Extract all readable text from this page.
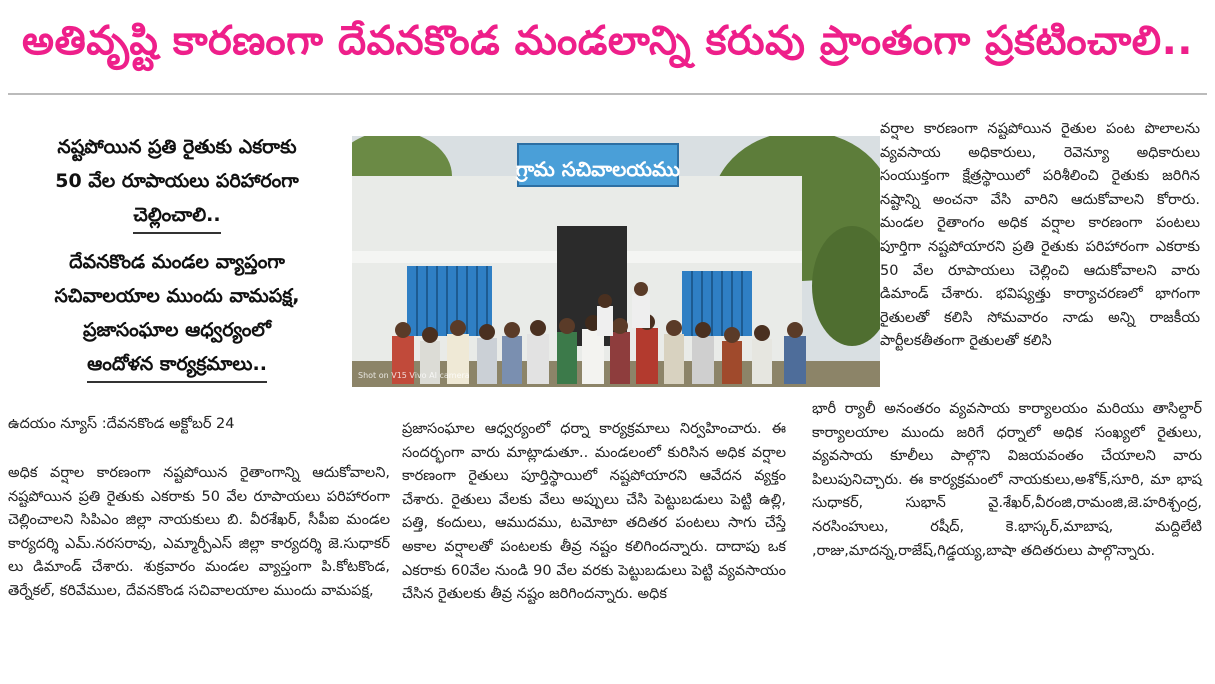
అతివృష్టి కారణంగా దేవనకొండ మండలాన్ని కరువు ప్రాంతంగా ప్రకటించాలి..
నష్టపోయిన ప్రతి రైతుకు ఎకరాకు
50 వేల రూపాయలు పరిహారంగా
చెల్లించాలి..
దేవనకొండ మండల వ్యాప్తంగా
సచివాలయాల ముందు వామపక్ష,
ప్రజాసంఘాల ఆధ్వర్యంలో
ఆందోళన కార్యక్రమాలు..
గ్రామ సచివాలయము
Shot on V15 Vivo AI camera
ఉదయం న్యూస్ :దేవనకొండ అక్టోబర్ 24

అధిక వర్షాల కారణంగా నష్టపోయిన రైతాంగాన్ని ఆదుకోవాలని, నష్టపోయిన ప్రతి రైతుకు ఎకరాకు 50 వేల రూపాయలు పరిహారంగా చెల్లించాలని సిపిఎం జిల్లా నాయకులు బి. వీరశేఖర్, సీపీఐ మండల కార్యదర్శి ఎమ్.నరసరావు, ఎమ్మార్పీఎస్ జిల్లా కార్యదర్శి జె.సుధాకర్ లు డిమాండ్ చేశారు. శుక్రవారం మండల వ్యాప్తంగా పి.కోటకొండ, తెర్నేకల్, కరివేముల, దేవనకొండ సచివాలయాల ముందు వామపక్ష,

ప్రజాసంఘాల ఆధ్వర్యంలో ధర్నా కార్యక్రమాలు నిర్వహించారు. ఈ సందర్భంగా వారు మాట్లాడుతూ.. మండలంలో కురిసిన అధిక వర్షాల కారణంగా రైతులు పూర్తిస్థాయిలో నష్టపోయారని ఆవేదన వ్యక్తం చేశారు. రైతులు వేలకు వేలు అప్పులు చేసి పెట్టుబడులు పెట్టి ఉల్లి, పత్తి, కందులు, ఆముదము, టమోటా తదితర పంటలు సాగు చేస్తే అకాల వర్షాలతో పంటలకు తీవ్ర నష్టం కలిగిందన్నారు. దాదాపు ఒక ఎకరాకు 60వేల నుండి 90 వేల వరకు పెట్టుబడులు పెట్టి వ్యవసాయం చేసిన రైతులకు తీవ్ర నష్టం జరిగిందన్నారు. అధిక

వర్షాల కారణంగా నష్టపోయిన రైతుల పంట పొలాలను వ్యవసాయ అధికారులు, రెవెన్యూ అధికారులు సంయుక్తంగా క్షేత్రస్థాయిలో పరిశీలించి రైతుకు జరిగిన నష్టాన్ని అంచనా వేసి వారిని ఆదుకోవాలని కోరారు. మండల రైతాంగం అధిక వర్షాల కారణంగా పంటలు పూర్తిగా నష్టపోయారని ప్రతి రైతుకు పరిహారంగా ఎకరాకు 50 వేల రూపాయలు చెల్లించి ఆదుకోవాలని వారు డిమాండ్ చేశారు. భవిష్యత్తు కార్యాచరణలో భాగంగా రైతులతో కలిసి సోమవారం నాడు అన్ని రాజకీయ పార్టీలకతీతంగా రైతులతో కలిసి

భారీ ర్యాలీ అనంతరం వ్యవసాయ కార్యాలయం మరియు తాసిల్దార్ కార్యాలయాల ముందు జరిగే ధర్నాలో అధిక సంఖ్యలో రైతులు, వ్యవసాయ కూలీలు పాల్గొని విజయవంతం చేయాలని వారు పిలుపునిచ్చారు. ఈ కార్యక్రమంలో నాయకులు,అశోక్,సూరి, మా భాష సుధాకర్, సుభాన్ వై.శేఖర్,వీరంజి,రామంజి,జె.హరిశ్చంద్ర, నరసింహులు, రషీద్, కె.భాస్కర్,మాబాష, మద్దిలేటి ,రాజు,మాదన్న,రాజేష్,గిడ్డయ్య,బాషా తదితరులు పాల్గొన్నారు.
